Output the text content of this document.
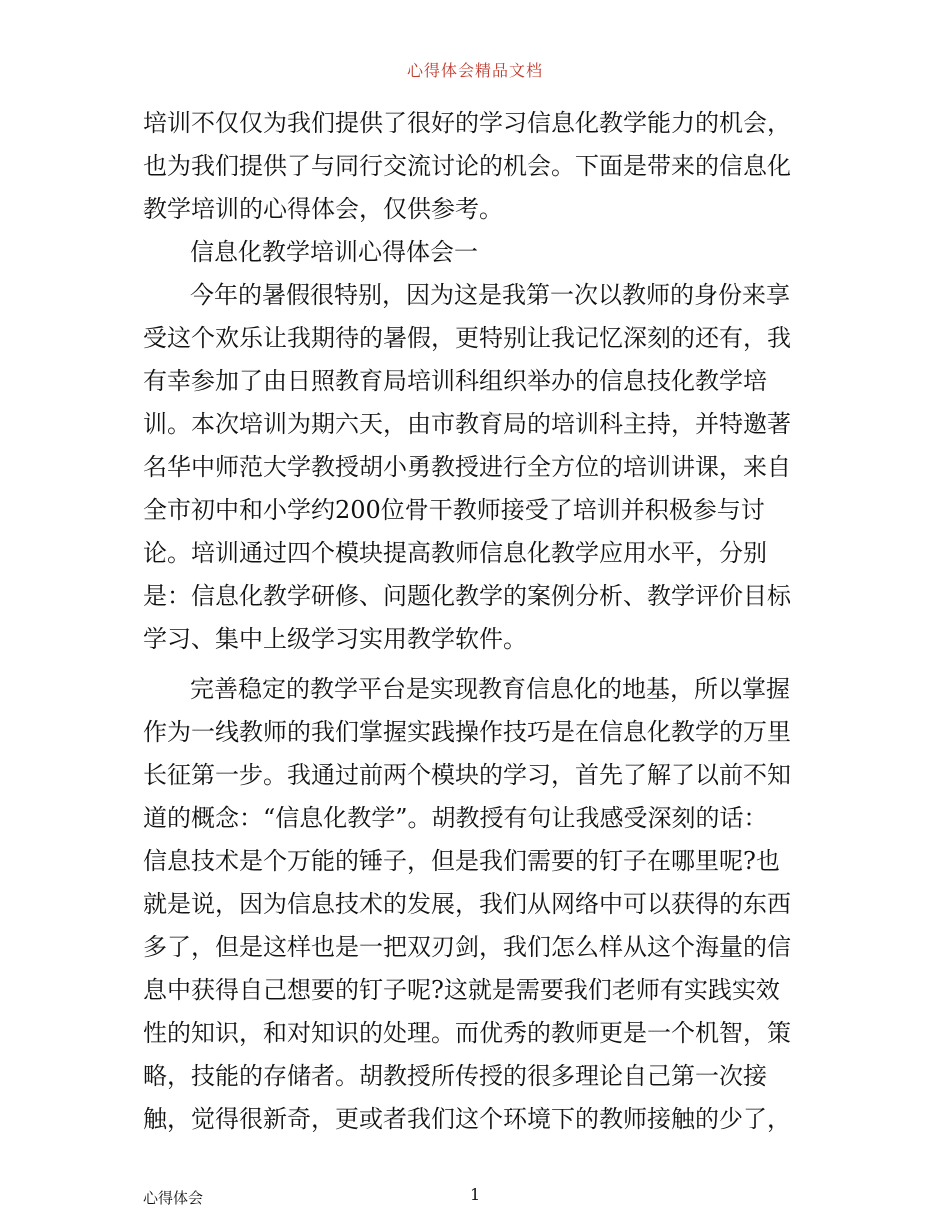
心得体会精品文档
培训不仅仅为我们提供了很好的学习信息化教学能力的机会，
也为我们提供了与同行交流讨论的机会。下面是带来的信息化
教学培训的心得体会，仅供参考。
信息化教学培训心得体会一
今年的暑假很特别，因为这是我第一次以教师的身份来享
受这个欢乐让我期待的暑假，更特别让我记忆深刻的还有，我
有幸参加了由日照教育局培训科组织举办的信息技化教学培
训。本次培训为期六天，由市教育局的培训科主持，并特邀著
名华中师范大学教授胡小勇教授进行全方位的培训讲课，来自
全市初中和小学约200位骨干教师接受了培训并积极参与讨
论。培训通过四个模块提高教师信息化教学应用水平，分别
是：信息化教学研修、问题化教学的案例分析、教学评价目标
学习、集中上级学习实用教学软件。
完善稳定的教学平台是实现教育信息化的地基，所以掌握
作为一线教师的我们掌握实践操作技巧是在信息化教学的万里
长征第一步。我通过前两个模块的学习，首先了解了以前不知
道的概念：“信息化教学”。胡教授有句让我感受深刻的话：
信息技术是个万能的锤子，但是我们需要的钉子在哪里呢?也
就是说，因为信息技术的发展，我们从网络中可以获得的东西
多了，但是这样也是一把双刃剑，我们怎么样从这个海量的信
息中获得自己想要的钉子呢?这就是需要我们老师有实践实效
性的知识，和对知识的处理。而优秀的教师更是一个机智，策
略，技能的存储者。胡教授所传授的很多理论自己第一次接
触，觉得很新奇，更或者我们这个环境下的教师接触的少了，
心得体会	1
